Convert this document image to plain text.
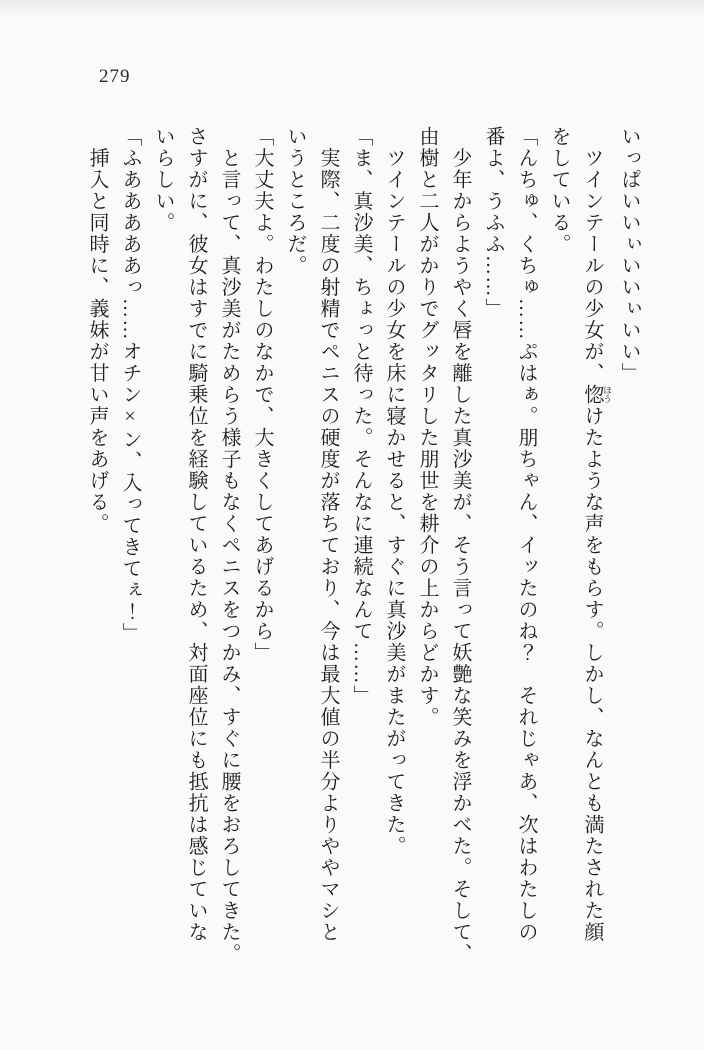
279

いっぱいいぃいいぃいい」

　ツインテールの少女が、惚 ほうけたような声をもらす。しかし、なんとも満たされた顔

をしている。

「んちゅ、くちゅ……ぷはぁ。朋ちゃん、イッたのね？　それじゃあ、次はわたしの

番よ、うふふ……」

　少年からようやく唇を離した真沙美が、そう言って妖艶な笑みを浮かべた。そして、

由樹と二人がかりでグッタリした朋世を耕介の上からどかす。

　ツインテールの少女を床に寝かせると、すぐに真沙美がまたがってきた。

「ま、真沙美、ちょっと待った。そんなに連続なんて……」

　実際、二度の射精でペニスの硬度が落ちており、今は最大値の半分よりややマシと

いうところだ。

「大丈夫よ。わたしのなかで、大きくしてあげるから」

　と言って、真沙美がためらう様子もなくペニスをつかみ、すぐに腰をおろしてきた。

さすがに、彼女はすでに騎乗位を経験しているため、対面座位にも抵抗は感じていな

いらしい。

「ふあああああっ……オチン×ン、入ってきてぇ！」

　挿入と同時に、義妹が甘い声をあげる。
